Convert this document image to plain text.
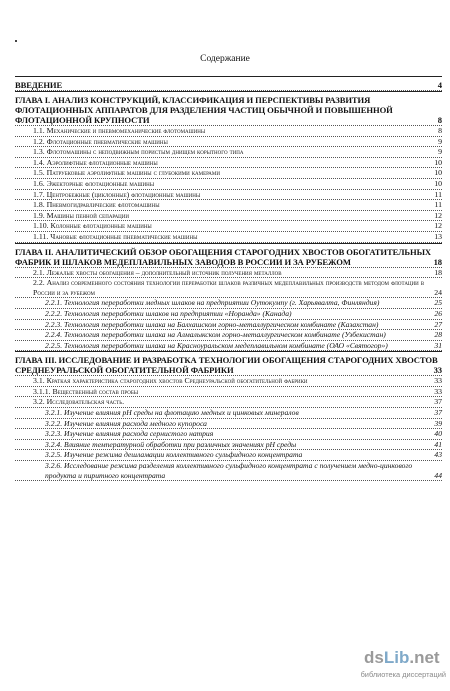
Содержание
ВВЕДЕНИЕ	4
ГЛАВА I. АНАЛИЗ КОНСТРУКЦИЙ, КЛАССИФИКАЦИЯ И ПЕРСПЕКТИВЫ РАЗВИТИЯ ФЛОТАЦИОННЫХ АППАРАТОВ ДЛЯ РАЗДЕЛЕНИЯ ЧАСТИЦ ОБЫЧНОЙ И ПОВЫШЕННОЙ ФЛОТАЦИОННОЙ КРУПНОСТИ	8
1.1. Механические и пневмомеханические флотомашины	8
1.2. Флотационные пневматические машины	9
1.3. Флотомашины с неподвижным пористым днищем корытного типа	9
1.4. Аэролифтные флотационные машины	10
1.5. Патрубковые аэролифтные машины с глубокими камерами	10
1.6. Эжекторные флотационные машины	10
1.7. Центробежные (циклонные) флотационные машины	11
1.8. Пневмогидравлические флотомашины	11
1.9. Машины пенной сепарации	12
1.10. Колонные флотационные машины	12
1.11. Чановые флотационные пневматические машины	13
ГЛАВА II. АНАЛИТИЧЕСКИЙ ОБЗОР ОБОГАЩЕНИЯ СТАРОГОДНИХ ХВОСТОВ ОБОГАТИТЕЛЬНЫХ ФАБРИК И ШЛАКОВ МЕДЕПЛАВИЛЬНЫХ ЗАВОДОВ В РОССИИ И ЗА РУБЕЖОМ	18
2.1. Лежалые хвосты обогащения – дополнительный источник получения металлов	18
2.2. Анализ современного состояния технологии переработки шлаков различных медеплавильных производств методом флотации в России и за рубежом	24
2.2.1. Технология переработки медных шлаков на предприятии Оутокумпу (г. Харьявалта, Финляндия)	25
2.2.2. Технология переработки шлаков на предприятии «Норанда» (Канада)	26
2.2.3. Технология переработки шлака на Балхашском горно-металлургическом комбинате (Казахстан)	27
2.2.4. Технология переработки шлака на Алмалыкском горно-металлургическом комбинате (Узбекистан)	28
2.2.5. Технология переработки шлака на Красноуральском медеплавильном комбинате (ОАО «Святогор»)	31
ГЛАВА III. ИССЛЕДОВАНИЕ И РАЗРАБОТКА ТЕХНОЛОГИИ ОБОГАЩЕНИЯ СТАРОГОДНИХ ХВОСТОВ СРЕДНЕУРАЛЬСКОЙ ОБОГАТИТЕЛЬНОЙ ФАБРИКИ	33
3.1. Краткая характеристика старогодних хвостов Среднеуральской обогатительной фабрики	33
3.1.1. Вещественный состав пробы	33
3.2. Исследовательская часть.	37
3.2.1. Изучение влияния pH среды на флотацию медных и цинковых минералов	37
3.2.2. Изучение влияния расхода медного купороса	39
3.2.3. Изучение влияния расхода сернистого натрия	40
3.2.4. Влияние температурной обработки при различных значениях pH среды	41
3.2.5. Изучение режима дешламации коллективного сульфидного концентрата	43
3.2.6. Исследование режима разделения коллективного сульфидного концентрата с получением медно-цинкового продукта и пиритного концентрата	44
dsLib.net
библиотека диссертаций
